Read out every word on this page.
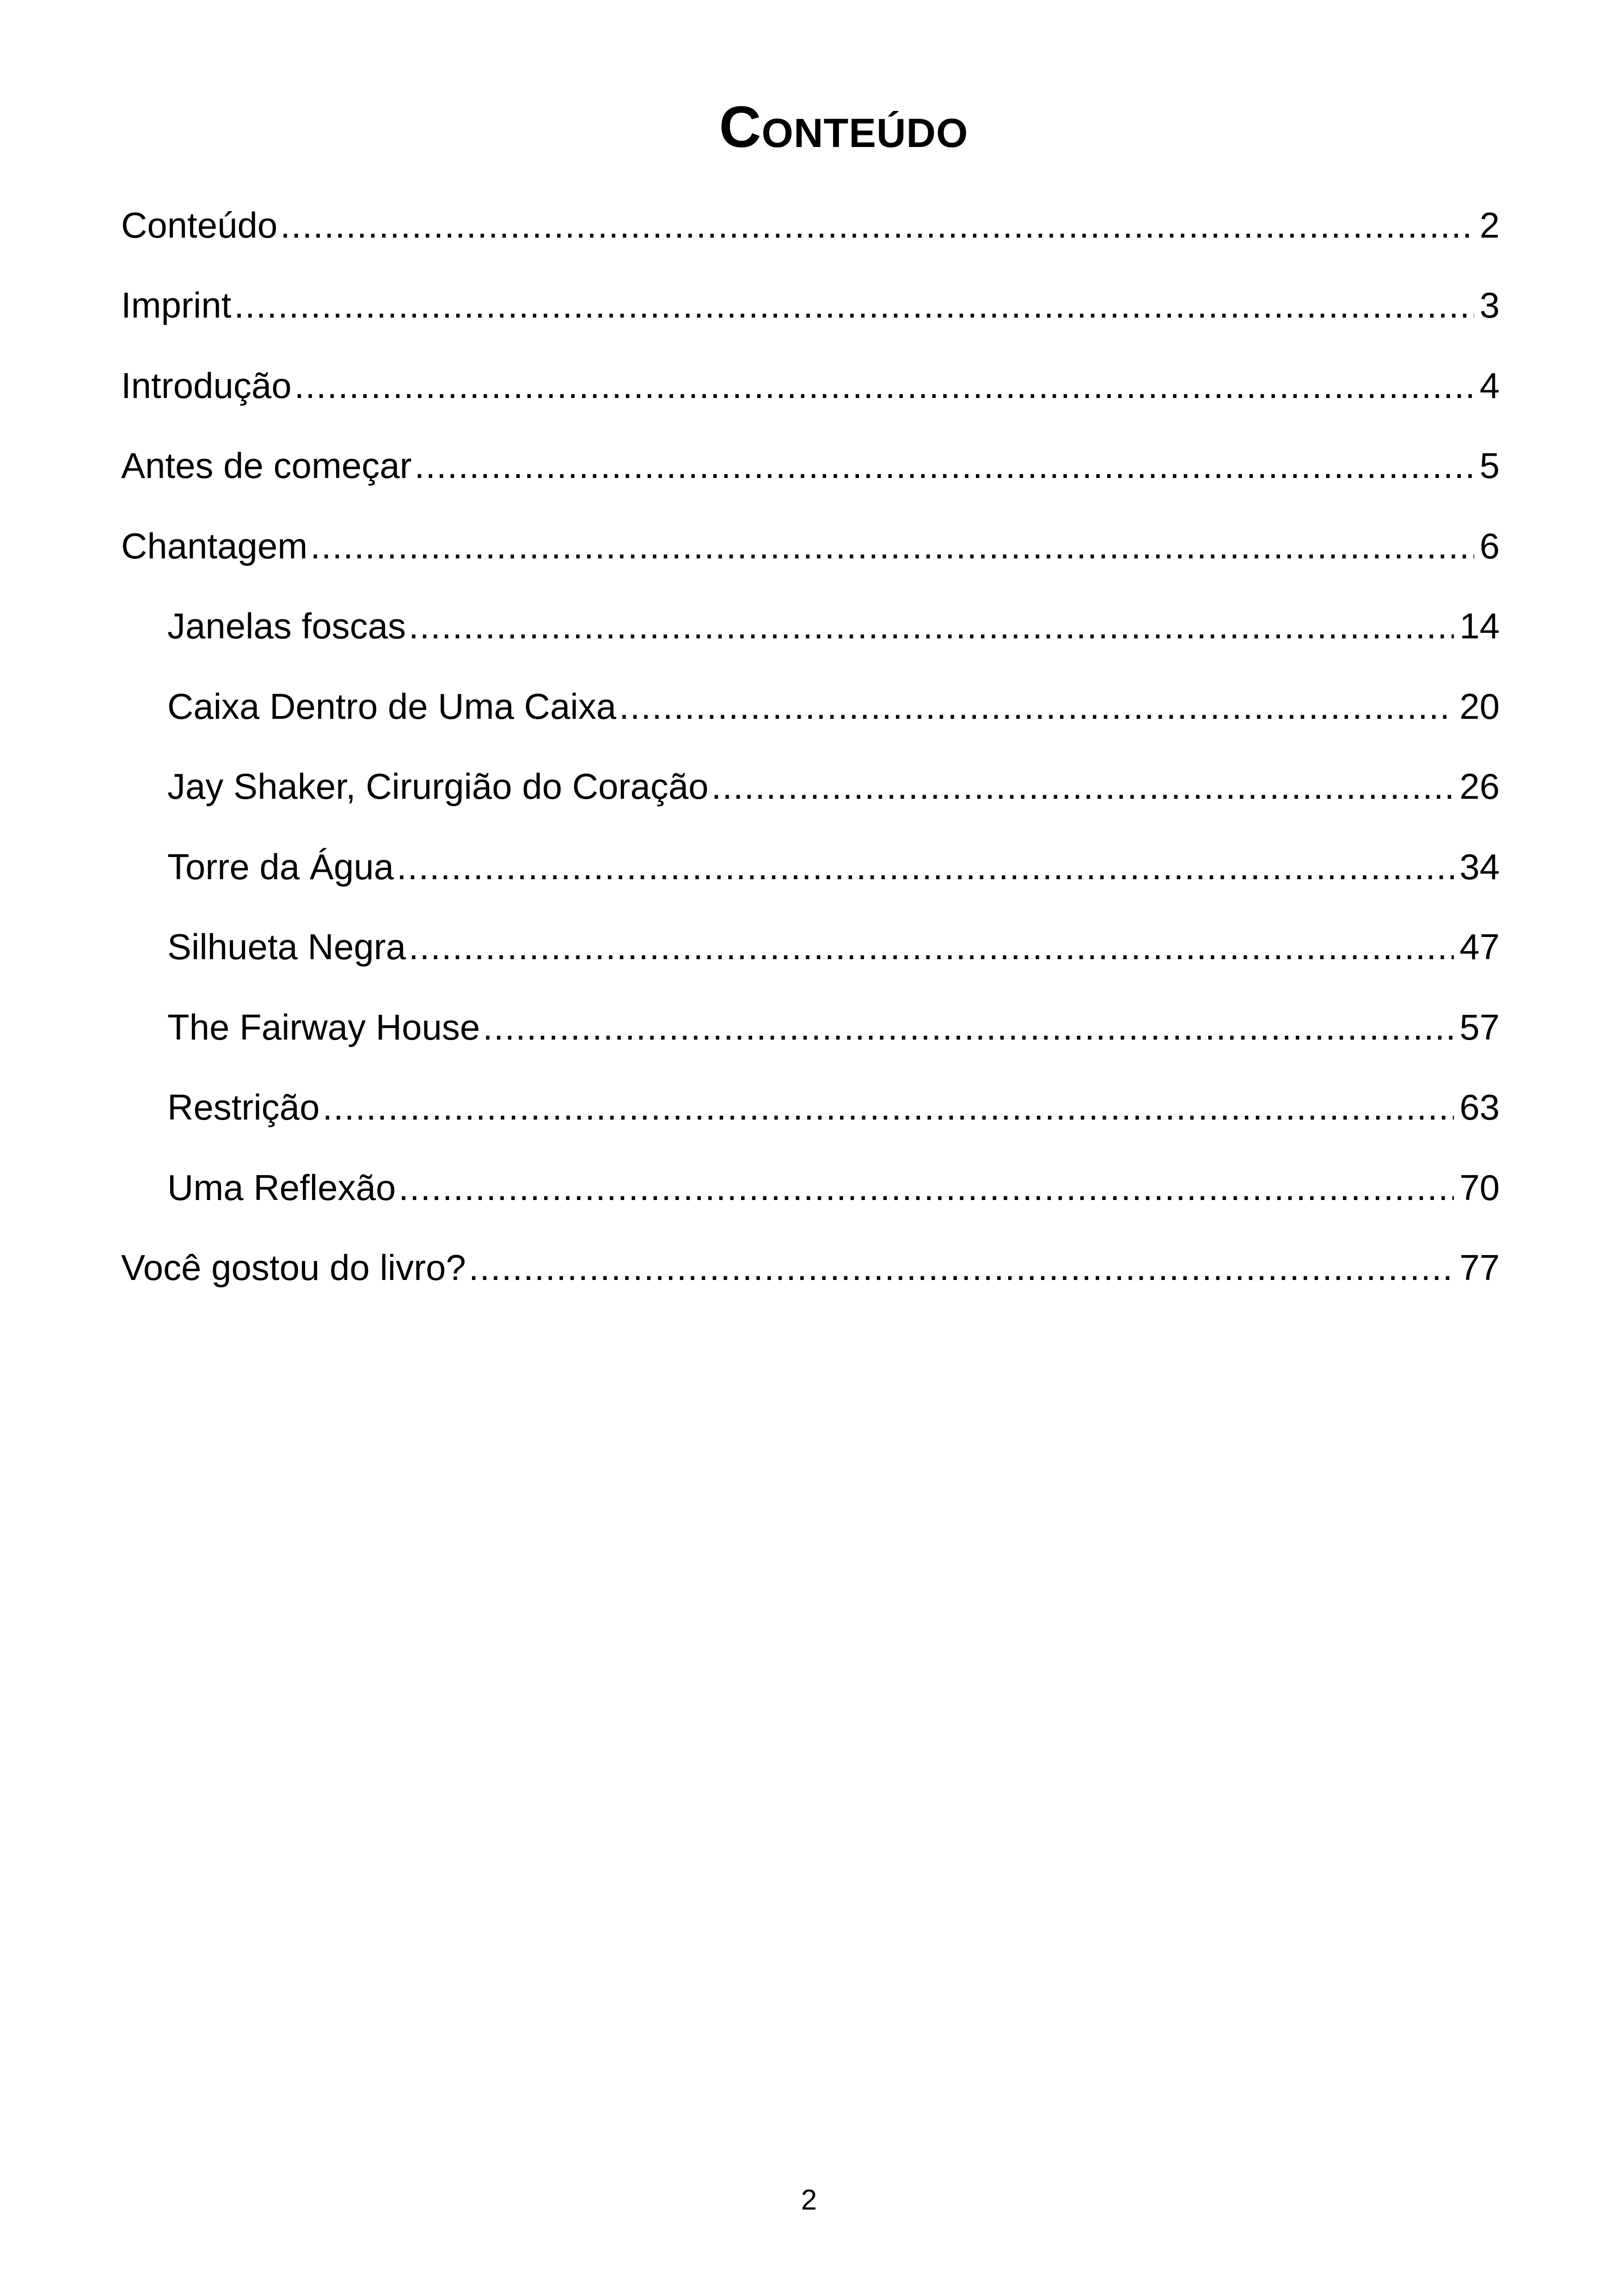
Conteúdo
Conteúdo .....	2
Imprint .....	3
Introdução .....	4
Antes de começar .....	5
Chantagem .....	6
Janelas foscas .....	14
Caixa Dentro de Uma Caixa .....	20
Jay Shaker, Cirurgião do Coração .....	26
Torre da Água .....	34
Silhueta Negra .....	47
The Fairway House .....	57
Restrição .....	63
Uma Reflexão .....	70
Você gostou do livro? .....	77
2
